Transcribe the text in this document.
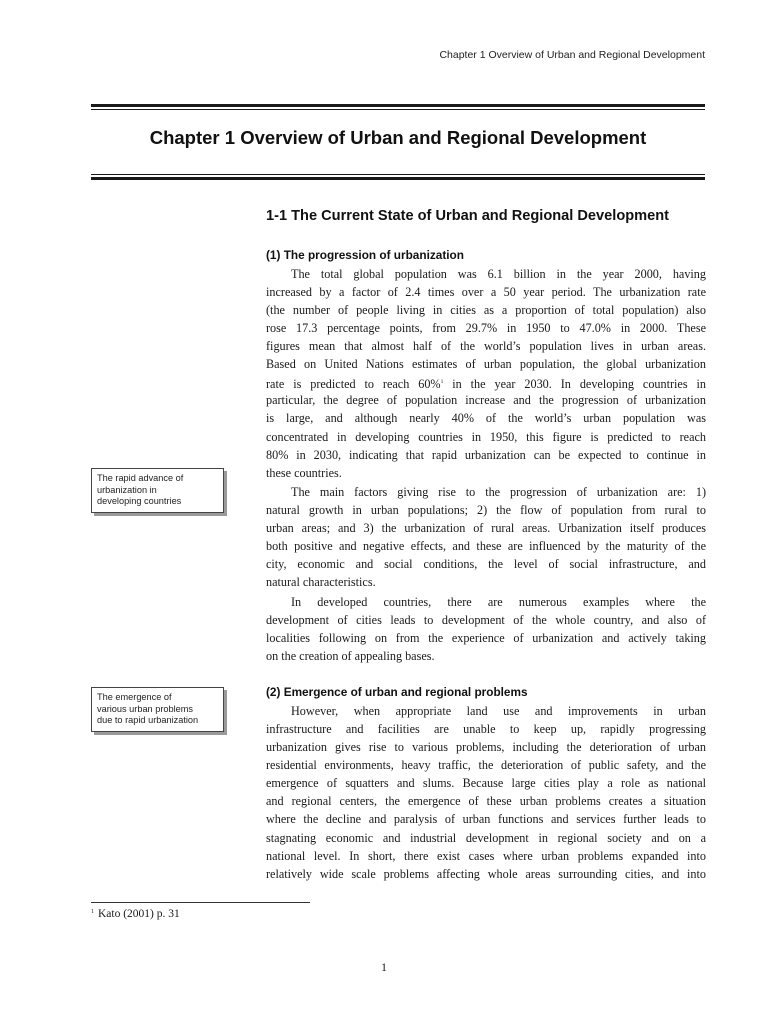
Chapter 1 Overview of Urban and Regional Development
Chapter 1 Overview of Urban and Regional Development
1-1 The Current State of Urban and Regional Development
(1) The progression of urbanization
The total global population was 6.1 billion in the year 2000, having
increased by a factor of 2.4 times over a 50 year period. The urbanization rate
(the number of people living in cities as a proportion of total population) also
rose 17.3 percentage points, from 29.7% in 1950 to 47.0% in 2000. These
figures mean that almost half of the world’s population lives in urban areas.
Based on United Nations estimates of urban population, the global urbanization
rate is predicted to reach 60%$^1$ in the year 2030. In developing countries in
particular, the degree of population increase and the progression of urbanization
is large, and although nearly 40% of the world’s urban population was
concentrated in developing countries in 1950, this figure is predicted to reach
80% in 2030, indicating that rapid urbanization can be expected to continue in
these countries.
The main factors giving rise to the progression of urbanization are: 1)
natural growth in urban populations; 2) the flow of population from rural to
urban areas; and 3) the urbanization of rural areas. Urbanization itself produces
both positive and negative effects, and these are influenced by the maturity of the
city, economic and social conditions, the level of social infrastructure, and
natural characteristics.
In developed countries, there are numerous examples where the
development of cities leads to development of the whole country, and also of
localities following on from the experience of urbanization and actively taking
on the creation of appealing bases.
(2) Emergence of urban and regional problems
However, when appropriate land use and improvements in urban
infrastructure and facilities are unable to keep up, rapidly progressing
urbanization gives rise to various problems, including the deterioration of urban
residential environments, heavy traffic, the deterioration of public safety, and the
emergence of squatters and slums. Because large cities play a role as national
and regional centers, the emergence of these urban problems creates a situation
where the decline and paralysis of urban functions and services further leads to
stagnating economic and industrial development in regional society and on a
national level. In short, there exist cases where urban problems expanded into
relatively wide scale problems affecting whole areas surrounding cities, and into
The rapid advance of
urbanization in
developing countries
The emergence of
various urban problems
due to rapid urbanization
$^1$ Kato (2001) p. 31
1
